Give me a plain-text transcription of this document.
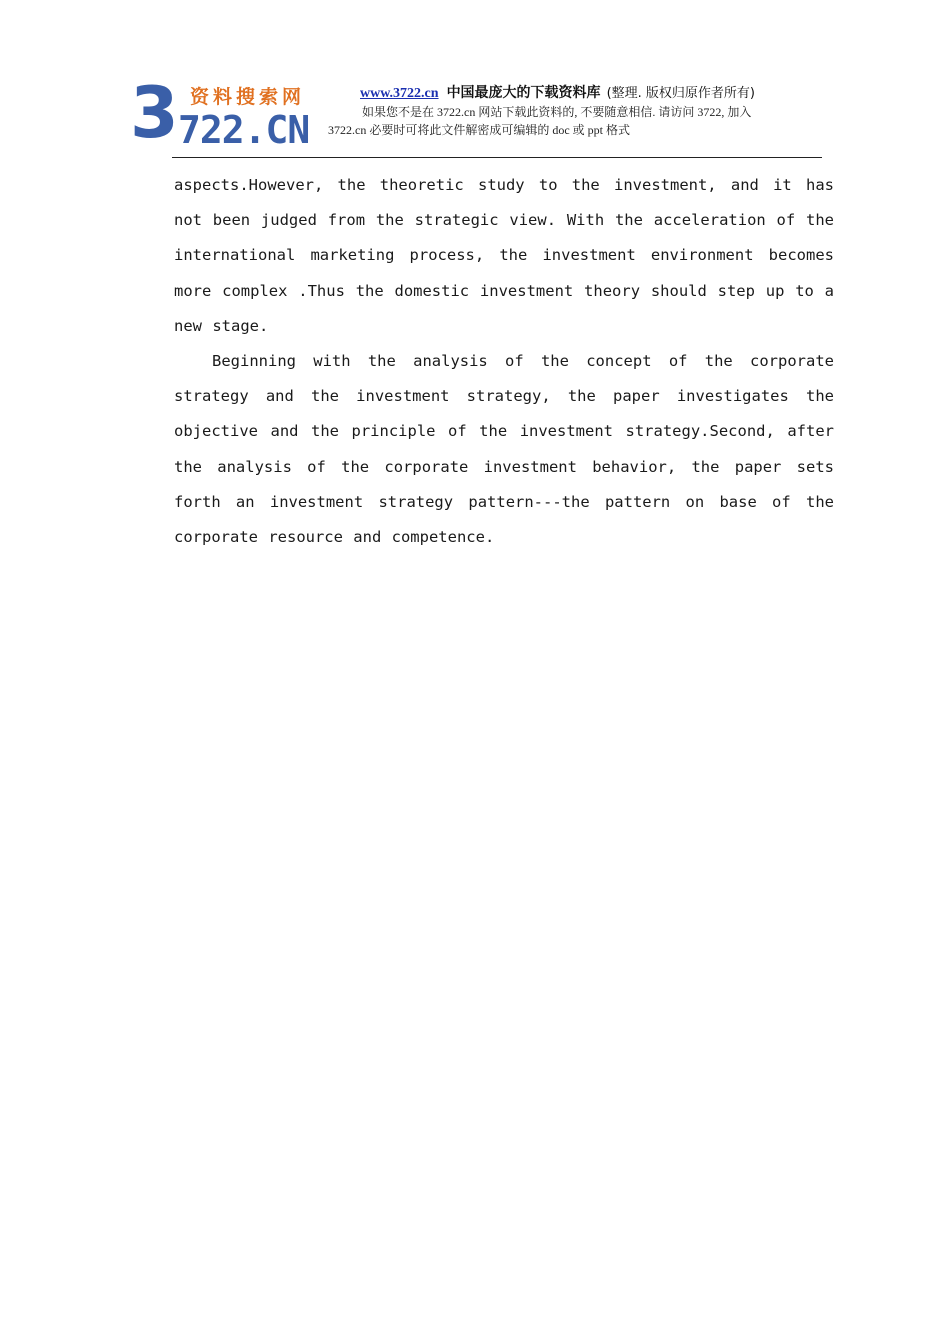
3 资料搜索网
722.CN
www.3722.cn 中国最庞大的下载资料库 (整理. 版权归原作者所有)
如果您不是在 3722.cn 网站下载此资料的, 不要随意相信. 请访问 3722, 加入
3722.cn 必要时可将此文件解密成可编辑的 doc 或 ppt 格式

aspects.However, the theoretic study to the investment, and it has not been judged from the strategic view. With the acceleration of the international marketing process, the investment environment becomes more complex .Thus the domestic investment theory should step up to a new stage.

Beginning with the analysis of the concept of the corporate strategy and the investment strategy, the paper investigates the objective and the principle of the investment strategy.Second, after the analysis of the corporate investment behavior, the paper sets forth an investment strategy pattern---the pattern on base of the corporate resource and competence.
